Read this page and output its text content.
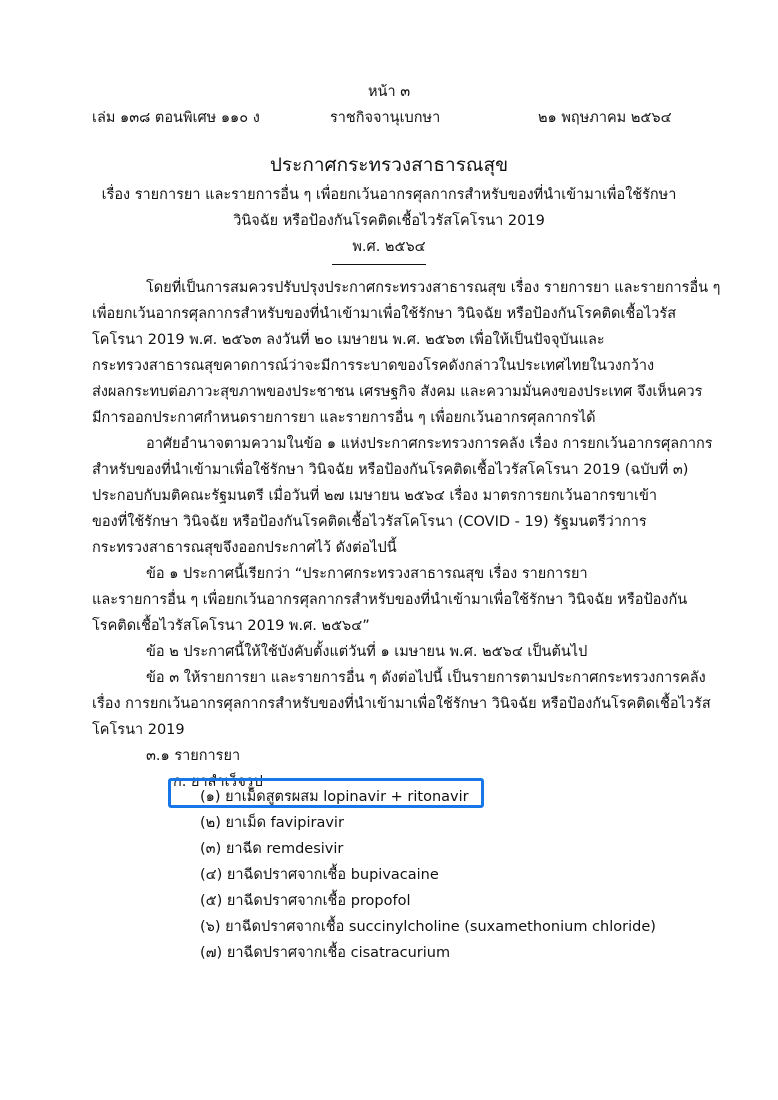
หน้า ๓
เล่ม ๑๓๘ ตอนพิเศษ ๑๑๐ ง	ราชกิจจานุเบกษา	๒๑ พฤษภาคม ๒๕๖๔
ประกาศกระทรวงสาธารณสุข
เรื่อง รายการยา และรายการอื่น ๆ เพื่อยกเว้นอากรศุลกากรสำหรับของที่นำเข้ามาเพื่อใช้รักษา
วินิจฉัย หรือป้องกันโรคติดเชื้อไวรัสโคโรนา 2019
พ.ศ. ๒๕๖๔
โดยที่เป็นการสมควรปรับปรุงประกาศกระทรวงสาธารณสุข เรื่อง รายการยา และรายการอื่น ๆ
เพื่อยกเว้นอากรศุลกากรสำหรับของที่นำเข้ามาเพื่อใช้รักษา วินิจฉัย หรือป้องกันโรคติดเชื้อไวรัส
โคโรนา 2019 พ.ศ. ๒๕๖๓ ลงวันที่ ๒๐ เมษายน พ.ศ. ๒๕๖๓ เพื่อให้เป็นปัจจุบันและ
กระทรวงสาธารณสุขคาดการณ์ว่าจะมีการระบาดของโรคดังกล่าวในประเทศไทยในวงกว้าง
ส่งผลกระทบต่อภาวะสุขภาพของประชาชน เศรษฐกิจ สังคม และความมั่นคงของประเทศ จึงเห็นควร
มีการออกประกาศกำหนดรายการยา และรายการอื่น ๆ เพื่อยกเว้นอากรศุลกากรได้
อาศัยอำนาจตามความในข้อ ๑ แห่งประกาศกระทรวงการคลัง เรื่อง การยกเว้นอากรศุลกากร
สำหรับของที่นำเข้ามาเพื่อใช้รักษา วินิจฉัย หรือป้องกันโรคติดเชื้อไวรัสโคโรนา 2019 (ฉบับที่ ๓)
ประกอบกับมติคณะรัฐมนตรี เมื่อวันที่ ๒๗ เมษายน ๒๕๖๔ เรื่อง มาตรการยกเว้นอากรขาเข้า
ของที่ใช้รักษา วินิจฉัย หรือป้องกันโรคติดเชื้อไวรัสโคโรนา (COVID - 19) รัฐมนตรีว่าการ
กระทรวงสาธารณสุขจึงออกประกาศไว้ ดังต่อไปนี้
ข้อ ๑ ประกาศนี้เรียกว่า “ประกาศกระทรวงสาธารณสุข เรื่อง รายการยา
และรายการอื่น ๆ เพื่อยกเว้นอากรศุลกากรสำหรับของที่นำเข้ามาเพื่อใช้รักษา วินิจฉัย หรือป้องกัน
โรคติดเชื้อไวรัสโคโรนา 2019 พ.ศ. ๒๕๖๔”
ข้อ ๒ ประกาศนี้ให้ใช้บังคับตั้งแต่วันที่ ๑ เมษายน พ.ศ. ๒๕๖๔ เป็นต้นไป
ข้อ ๓ ให้รายการยา และรายการอื่น ๆ ดังต่อไปนี้ เป็นรายการตามประกาศกระทรวงการคลัง
เรื่อง การยกเว้นอากรศุลกากรสำหรับของที่นำเข้ามาเพื่อใช้รักษา วินิจฉัย หรือป้องกันโรคติดเชื้อไวรัส
โคโรนา 2019
๓.๑ รายการยา
ก. ยาสำเร็จรูป
(๑) ยาเม็ดสูตรผสม lopinavir + ritonavir
(๒) ยาเม็ด favipiravir
(๓) ยาฉีด remdesivir
(๔) ยาฉีดปราศจากเชื้อ bupivacaine
(๕) ยาฉีดปราศจากเชื้อ propofol
(๖) ยาฉีดปราศจากเชื้อ succinylcholine (suxamethonium chloride)
(๗) ยาฉีดปราศจากเชื้อ cisatracurium
